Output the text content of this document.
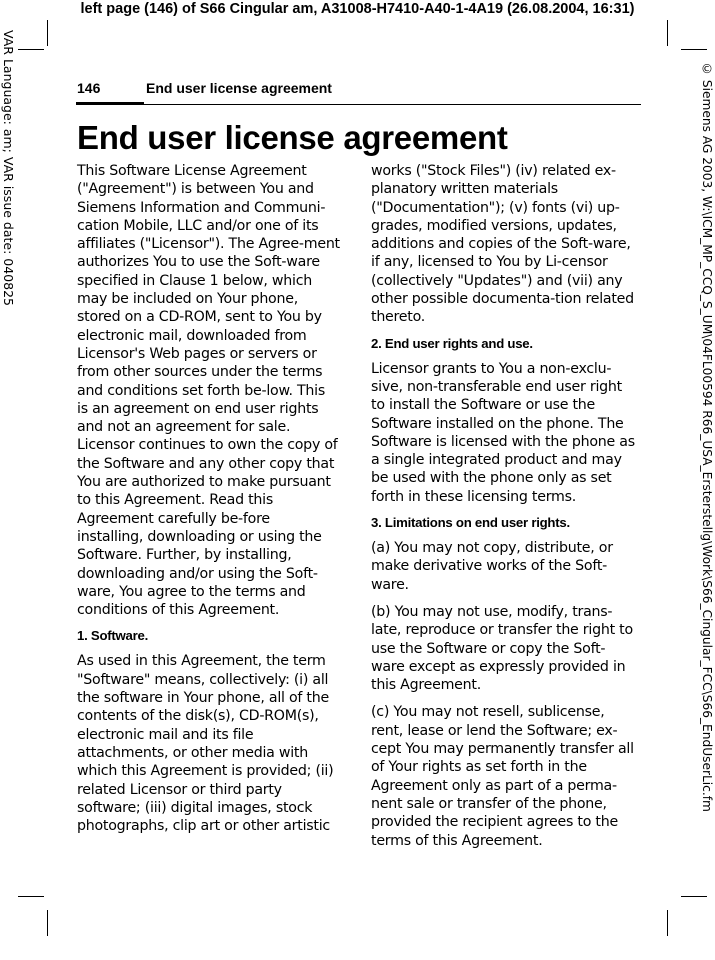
left page (146) of S66 Cingular am, A31008-H7410-A40-1-4A19 (26.08.2004, 16:31)
VAR Language: am; VAR issue date: 040825	© Siemens AG 2003, W:\ICM_MP_CCQ_S_UM\04FL00594 R66_USA_Ersterstellg\Work\S66_Cingular_FCC\S66_EndUserLic.fm
146	End user license agreement
End user license agreement

This Software License Agreement ("Agreement") is between You and Siemens Information and Communi-cation Mobile, LLC and/or one of its affiliates ("Licensor"). The Agree-ment authorizes You to use the Soft-ware specified in Clause 1 below, which may be included on Your phone, stored on a CD-ROM, sent to You by electronic mail, downloaded from Licensor's Web pages or servers or from other sources under the terms and conditions set forth be-low. This is an agreement on end user rights and not an agreement for sale. Licensor continues to own the copy of the Software and any other copy that You are authorized to make pursuant to this Agreement. Read this Agreement carefully be-fore installing, downloading or using the Software. Further, by installing, downloading and/or using the Soft-ware, You agree to the terms and conditions of this Agreement.

1. Software.

As used in this Agreement, the term "Software" means, collectively: (i) all the software in Your phone, all of the contents of the disk(s), CD-ROM(s), electronic mail and its file attachments, or other media with which this Agreement is provided; (ii) related Licensor or third party software; (iii) digital images, stock photographs, clip art or other artistic

works ("Stock Files") (iv) related ex-planatory written materials ("Documentation"); (v) fonts (vi) up-grades, modified versions, updates, additions and copies of the Soft-ware, if any, licensed to You by Li-censor (collectively "Updates") and (vii) any other possible documenta-tion related thereto.

2. End user rights and use.

Licensor grants to You a non-exclu-sive, non-transferable end user right to install the Software or use the Software installed on the phone. The Software is licensed with the phone as a single integrated product and may be used with the phone only as set forth in these licensing terms.

3. Limitations on end user rights.

(a) You may not copy, distribute, or make derivative works of the Soft-ware.

(b) You may not use, modify, trans-late, reproduce or transfer the right to use the Software or copy the Soft-ware except as expressly provided in this Agreement.

(c) You may not resell, sublicense, rent, lease or lend the Software; ex-cept You may permanently transfer all of Your rights as set forth in the Agreement only as part of a perma-nent sale or transfer of the phone, provided the recipient agrees to the terms of this Agreement.
